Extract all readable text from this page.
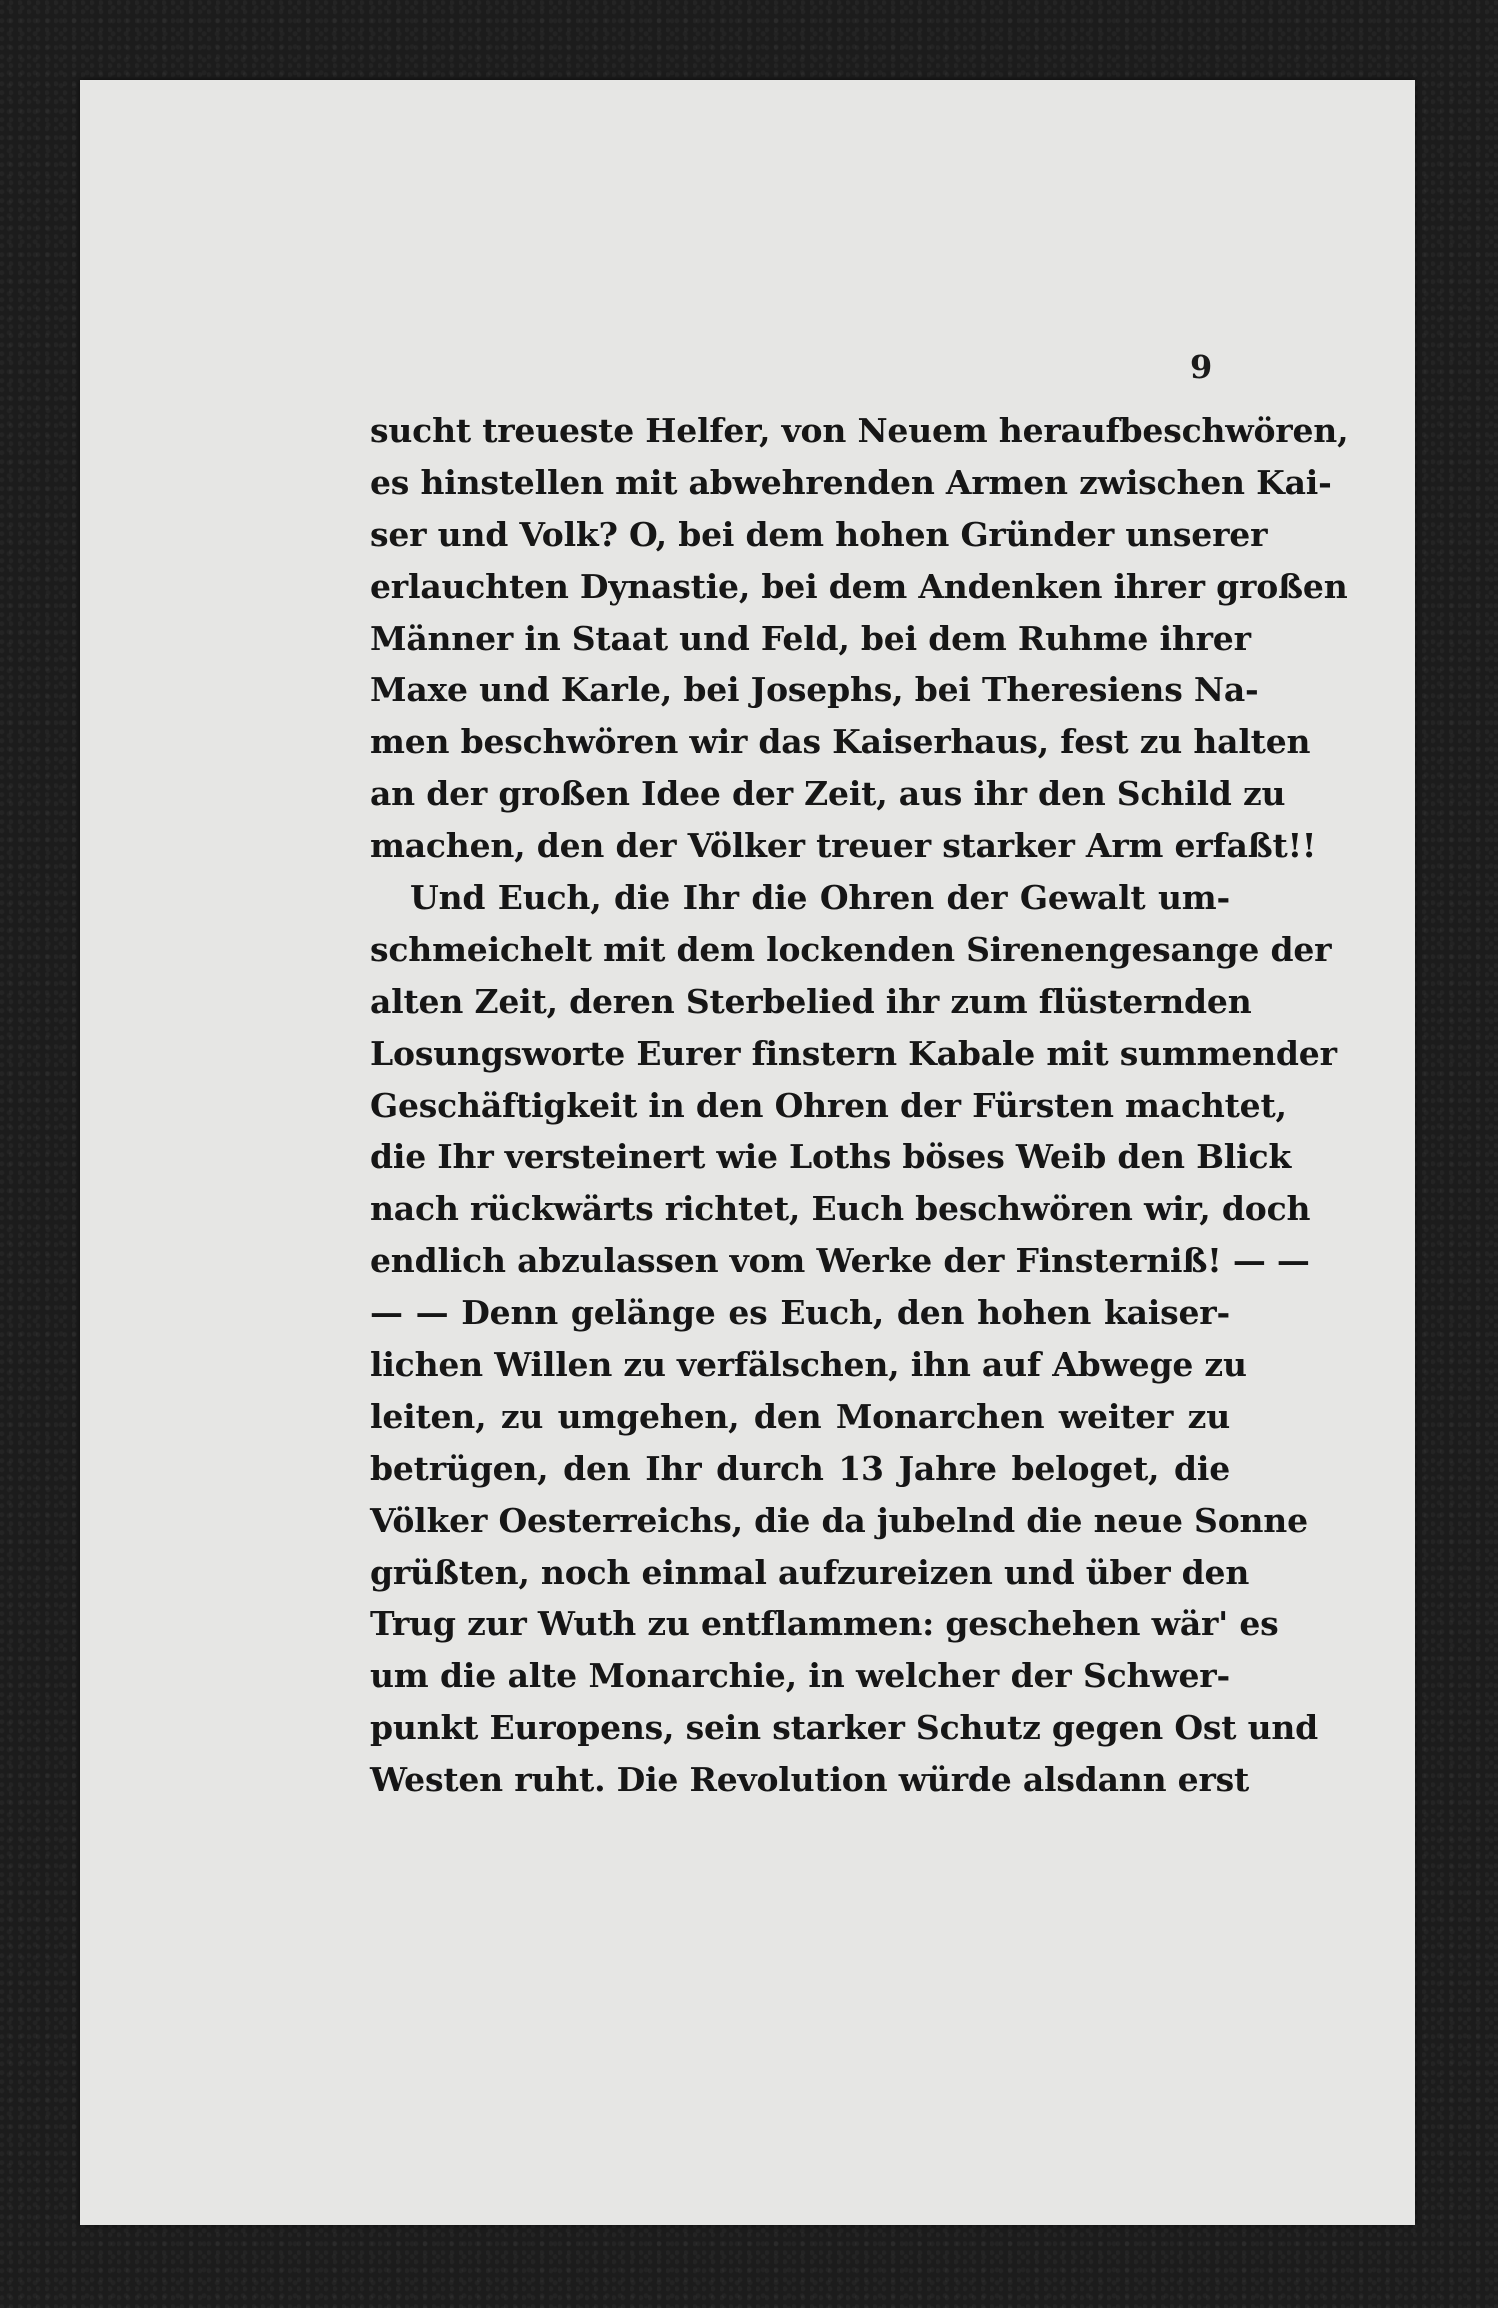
9
sucht treueste Helfer, von Neuem heraufbeschwören,
es hinstellen mit abwehrenden Armen zwischen Kai-
ser und Volk? O, bei dem hohen Gründer unserer
erlauchten Dynastie, bei dem Andenken ihrer großen
Männer in Staat und Feld, bei dem Ruhme ihrer
Maxe und Karle, bei Josephs, bei Theresiens Na-
men beschwören wir das Kaiserhaus, fest zu halten
an der großen Idee der Zeit, aus ihr den Schild zu
machen, den der Völker treuer starker Arm erfaßt!!
Und Euch, die Ihr die Ohren der Gewalt um-
schmeichelt mit dem lockenden Sirenengesange der
alten Zeit, deren Sterbelied ihr zum flüsternden
Losungsworte Eurer finstern Kabale mit summender
Geschäftigkeit in den Ohren der Fürsten machtet,
die Ihr versteinert wie Loths böses Weib den Blick
nach rückwärts richtet, Euch beschwören wir, doch
endlich abzulassen vom Werke der Finsterniß! — —
— — Denn gelänge es Euch, den hohen kaiser-
lichen Willen zu verfälschen, ihn auf Abwege zu
leiten, zu umgehen, den Monarchen weiter zu
betrügen, den Ihr durch 13 Jahre beloget, die
Völker Oesterreichs, die da jubelnd die neue Sonne
grüßten, noch einmal aufzureizen und über den
Trug zur Wuth zu entflammen: geschehen wär' es
um die alte Monarchie, in welcher der Schwer-
punkt Europens, sein starker Schutz gegen Ost und
Westen ruht. Die Revolution würde alsdann erst
